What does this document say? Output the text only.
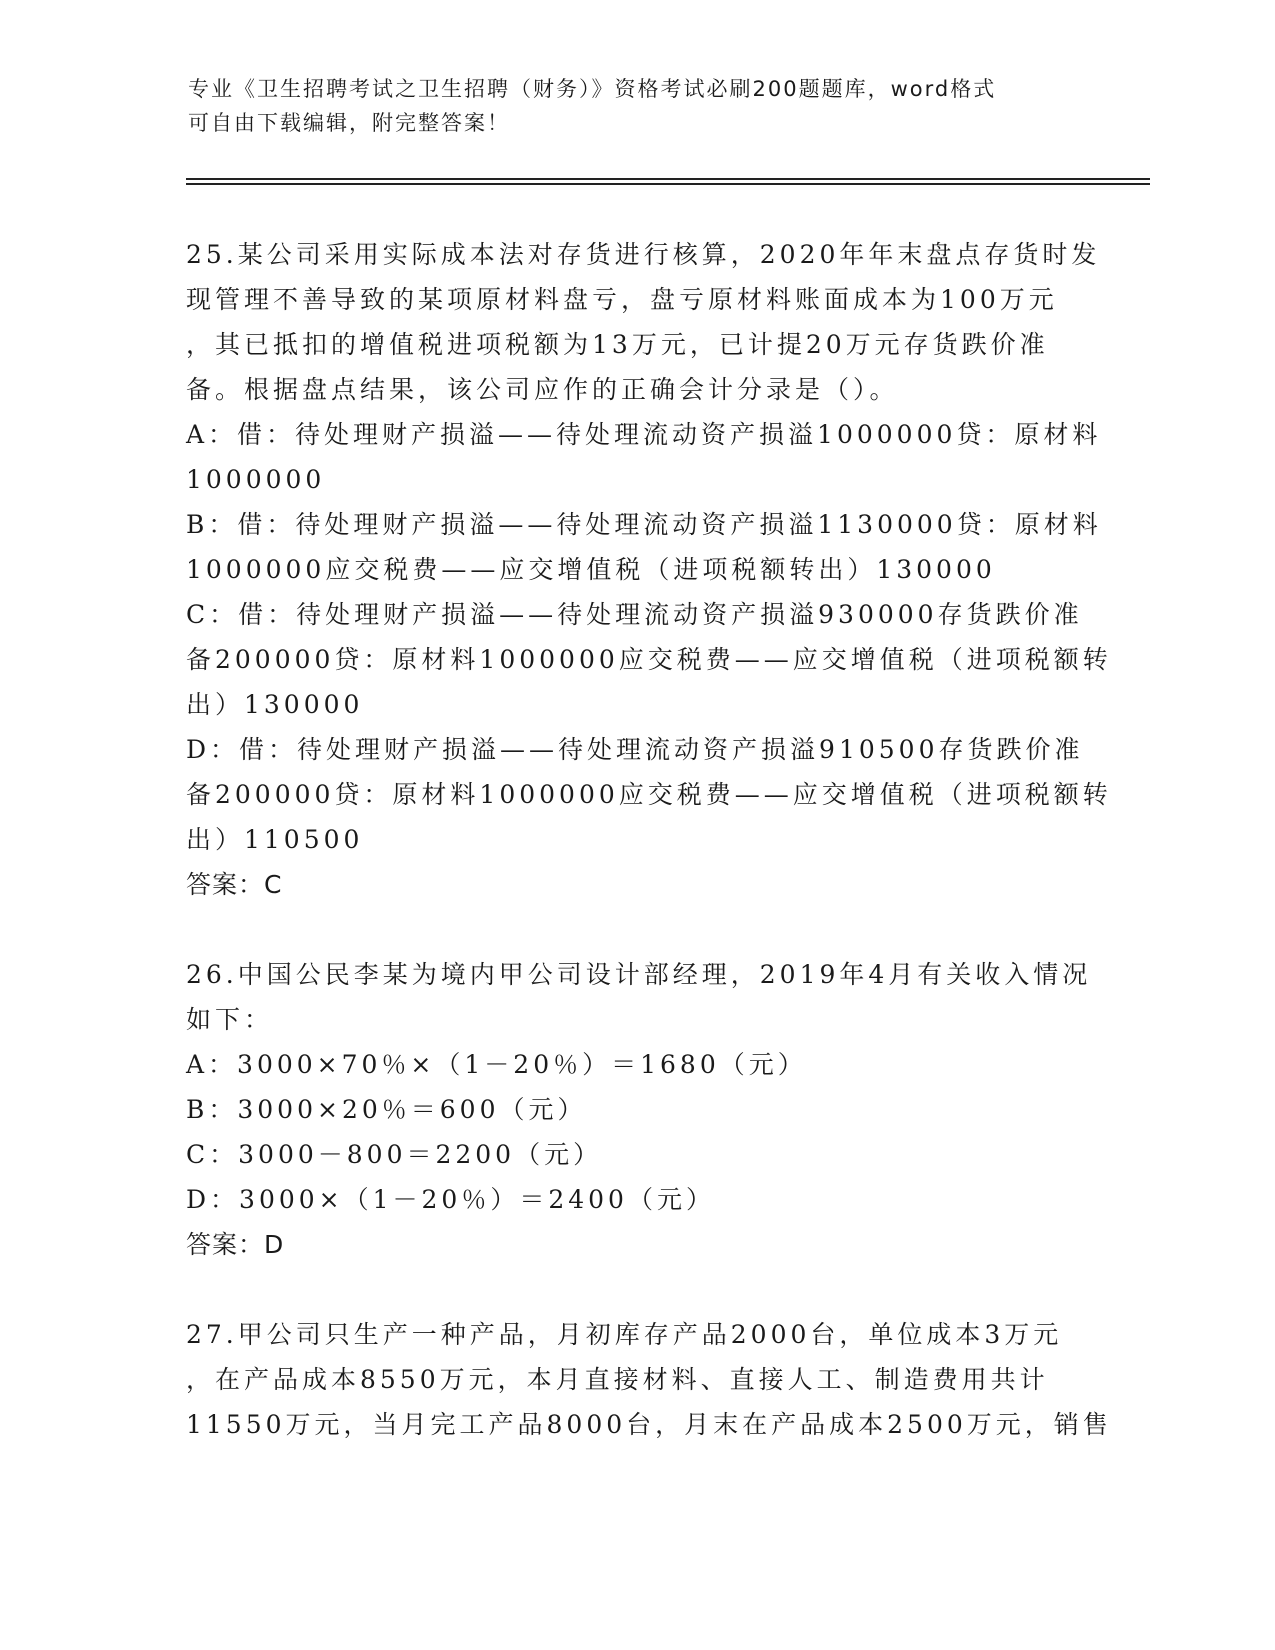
专业《卫生招聘考试之卫生招聘（财务）》资格考试必刷200题题库，word格式
可自由下载编辑，附完整答案！
25.某公司采用实际成本法对存货进行核算，2020年年末盘点存货时发
现管理不善导致的某项原材料盘亏，盘亏原材料账面成本为100万元
，其已抵扣的增值税进项税额为13万元，已计提20万元存货跌价准
备。根据盘点结果，该公司应作的正确会计分录是（）。
A：借：待处理财产损溢——待处理流动资产损溢1000000贷：原材料
1000000
B：借：待处理财产损溢——待处理流动资产损溢1130000贷：原材料
1000000应交税费——应交增值税（进项税额转出）130000
C：借：待处理财产损溢——待处理流动资产损溢930000存货跌价准
备200000贷：原材料1000000应交税费——应交增值税（进项税额转
出）130000
D：借：待处理财产损溢——待处理流动资产损溢910500存货跌价准
备200000贷：原材料1000000应交税费——应交增值税（进项税额转
出）110500
答案：C
26.中国公民李某为境内甲公司设计部经理，2019年4月有关收入情况
如下：
A：3000×70％×（1－20％）＝1680（元）
B：3000×20％＝600（元）
C：3000－800＝2200（元）
D：3000×（1－20％）＝2400（元）
答案：D
27.甲公司只生产一种产品，月初库存产品2000台，单位成本3万元
，在产品成本8550万元，本月直接材料、直接人工、制造费用共计
11550万元，当月完工产品8000台，月末在产品成本2500万元，销售
